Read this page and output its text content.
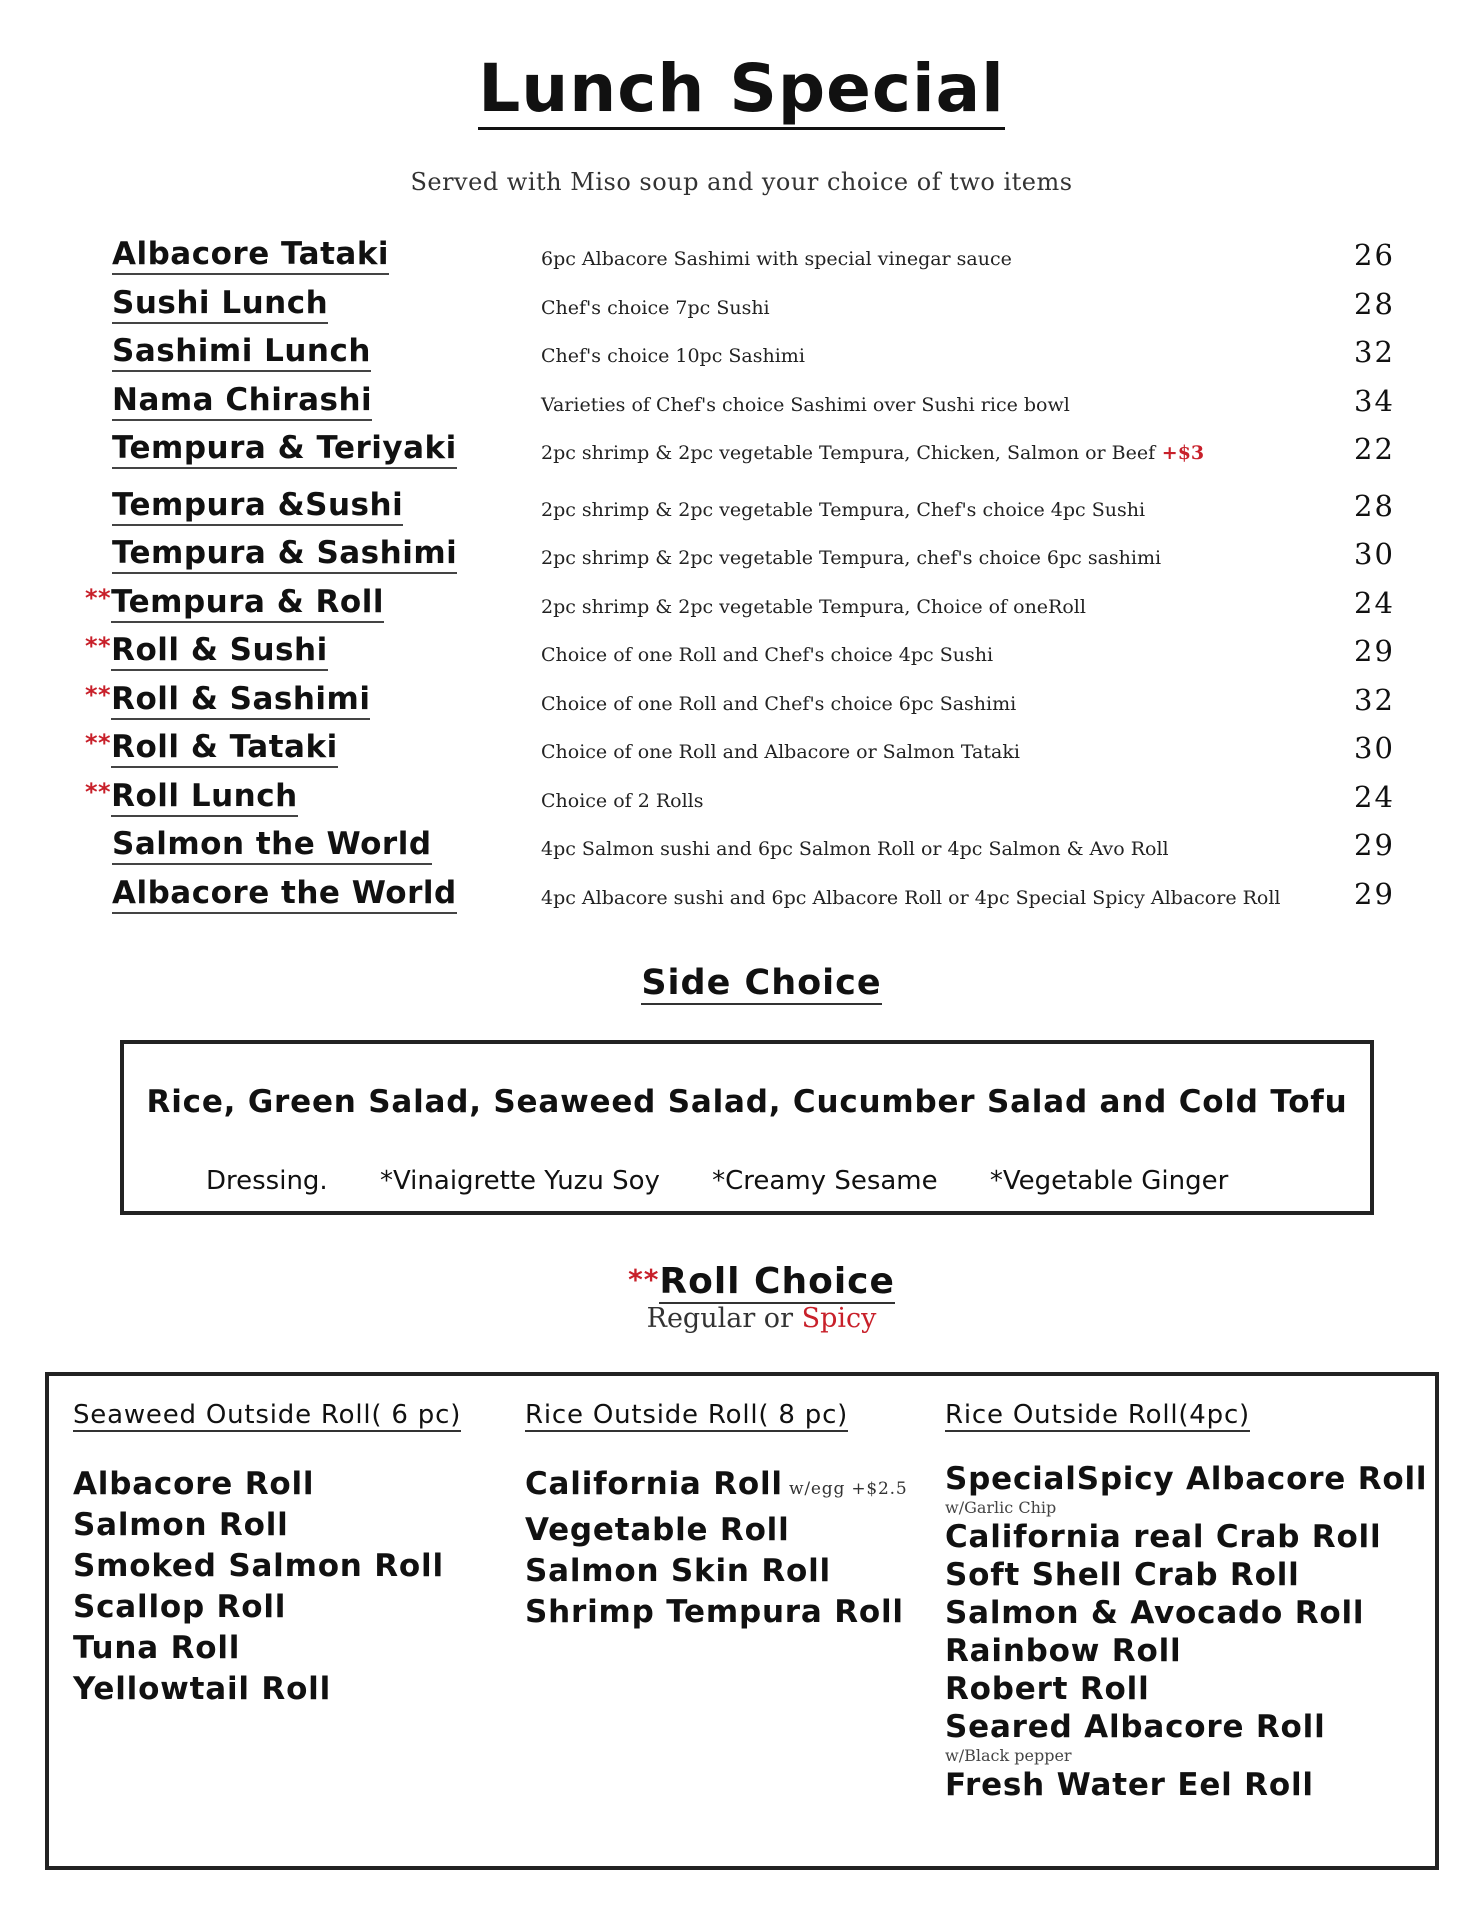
Lunch Special
Served with Miso soup and your choice of two items
Albacore Tataki	6pc Albacore Sashimi with special vinegar sauce	26
Sushi Lunch	Chef's choice 7pc Sushi	28
Sashimi Lunch	Chef's choice 10pc Sashimi	32
Nama Chirashi	Varieties of Chef's choice Sashimi over Sushi rice bowl	34
Tempura & Teriyaki	2pc shrimp & 2pc vegetable Tempura, Chicken, Salmon or Beef +$3	22
Tempura &Sushi	2pc shrimp & 2pc vegetable Tempura, Chef's choice 4pc Sushi	28
Tempura & Sashimi	2pc shrimp & 2pc vegetable Tempura, chef's choice 6pc sashimi	30
**Tempura & Roll	2pc shrimp & 2pc vegetable Tempura, Choice of oneRoll	24
**Roll & Sushi	Choice of one Roll and Chef's choice 4pc Sushi	29
**Roll & Sashimi	Choice of one Roll and Chef's choice 6pc Sashimi	32
**Roll & Tataki	Choice of one Roll and Albacore or Salmon Tataki	30
**Roll Lunch	Choice of 2 Rolls	24
Salmon the World	4pc Salmon sushi and 6pc Salmon Roll or 4pc Salmon & Avo Roll	29
Albacore the World	4pc Albacore sushi and 6pc Albacore Roll or 4pc Special Spicy Albacore Roll	29
Side Choice
Rice, Green Salad, Seaweed Salad, Cucumber Salad and Cold Tofu
Dressing. *Vinaigrette Yuzu Soy *Creamy Sesame *Vegetable Ginger
**Roll Choice
Regular or Spicy
Seaweed Outside Roll( 6 pc)
Albacore Roll
Salmon Roll
Smoked Salmon Roll
Scallop Roll
Tuna Roll
Yellowtail Roll
Rice Outside Roll( 8 pc)
California Roll w/egg +$2.5
Vegetable Roll
Salmon Skin Roll
Shrimp Tempura Roll
Rice Outside Roll(4pc)
SpecialSpicy Albacore Roll
w/Garlic Chip
California real Crab Roll
Soft Shell Crab Roll
Salmon & Avocado Roll
Rainbow Roll
Robert Roll
Seared Albacore Roll
w/Black pepper
Fresh Water Eel Roll
